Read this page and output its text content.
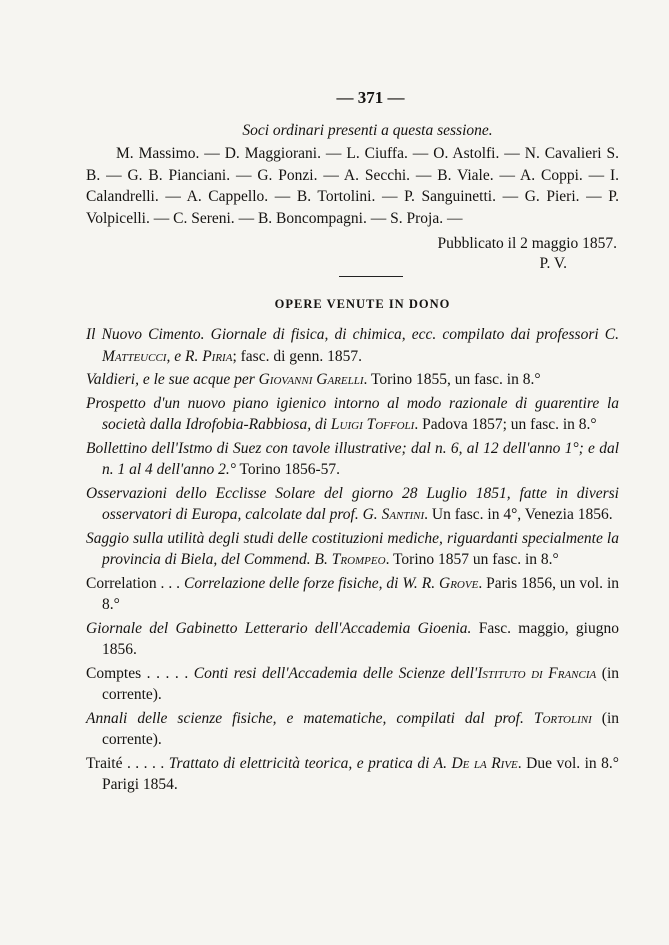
— 371 —
Soci ordinari presenti a questa sessione.

M. Massimo. — D. Maggiorani. — L. Ciuffa. — O. Astolfi. — N. Cavalieri S. B. — G. B. Pianciani. — G. Ponzi. — A. Secchi. — B. Viale. — A. Coppi. — I. Calandrelli. — A. Cappello. — B. Tortolini. — P. Sanguinetti. — G. Pieri. — P. Volpicelli. — C. Sereni. — B. Boncompagni. — S. Proja. —

Pubblicato il 2 maggio 1857.
P. V.
OPERE VENUTE IN DONO
Il Nuovo Cimento. Giornale di fisica, di chimica, ecc. compilato dai professori C. Matteucci, e R. Piria; fasc. di genn. 1857.
Valdieri, e le sue acque per Giovanni Garelli. Torino 1855, un fasc. in 8.°
Prospetto d'un nuovo piano igienico intorno al modo razionale di guarentire la società dalla Idrofobia-Rabbiosa, di Luigi Toffoli. Padova 1857; un fasc. in 8.°
Bollettino dell'Istmo di Suez con tavole illustrative; dal n. 6, al 12 dell'anno 1°; e dal n. 1 al 4 dell'anno 2.° Torino 1856-57.
Osservazioni dello Ecclisse Solare del giorno 28 Luglio 1851, fatte in diversi osservatori di Europa, calcolate dal prof. G. Santini. Un fasc. in 4°, Venezia 1856.
Saggio sulla utilità degli studi delle costituzioni mediche, riguardanti specialmente la provincia di Biela, del Commend. B. Trompeo. Torino 1857 un fasc. in 8.°
Correlation . . . Correlazione delle forze fisiche, di W. R. Grove. Paris 1856, un vol. in 8.°
Giornale del Gabinetto Letterario dell'Accademia Gioenia. Fasc. maggio, giugno 1856.
Comptes . . . . . Conti resi dell'Accademia delle Scienze dell'Istituto di Francia (in corrente).
Annali delle scienze fisiche, e matematiche, compilati dal prof. Tortolini (in corrente).
Traité . . . . . Trattato di elettricità teorica, e pratica di A. De la Rive. Due vol. in 8.° Parigi 1854.
